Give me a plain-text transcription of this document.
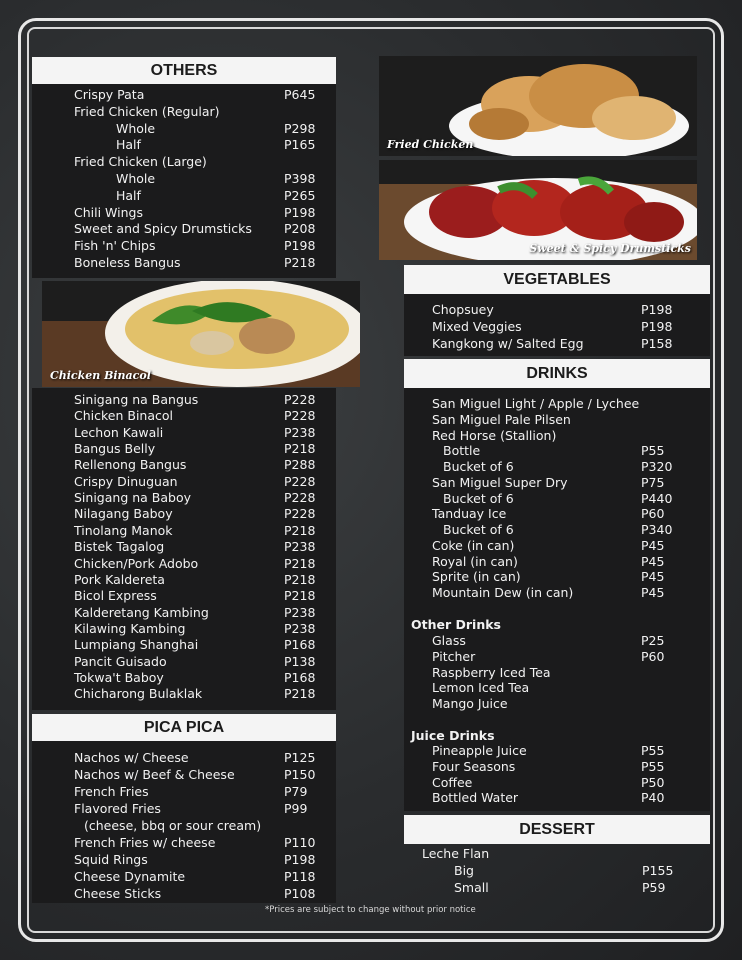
OTHERS
Crispy Pata	P645
Fried Chicken (Regular)
Whole	P298
Half	P165
Fried Chicken (Large)
Whole	P398
Half	P265
Chili Wings	P198
Sweet and Spicy Drumsticks	P208
Fish 'n' Chips	P198
Boneless Bangus	P218
Chicken Binacol
Sinigang na Bangus	P228
Chicken Binacol	P228
Lechon Kawali	P238
Bangus Belly	P218
Rellenong Bangus	P288
Crispy Dinuguan	P228
Sinigang na Baboy	P228
Nilagang Baboy	P228
Tinolang Manok	P218
Bistek Tagalog	P238
Chicken/Pork Adobo	P218
Pork Kaldereta	P218
Bicol Express	P218
Kalderetang Kambing	P238
Kilawing Kambing	P238
Lumpiang Shanghai	P168
Pancit Guisado	P138
Tokwa't Baboy	P168
Chicharong Bulaklak	P218
PICA PICA
Nachos w/ Cheese	P125
Nachos w/ Beef & Cheese	P150
French Fries	P79
Flavored Fries	P99
(cheese, bbq or sour cream)
French Fries w/ cheese	P110
Squid Rings	P198
Cheese Dynamite	P118
Cheese Sticks	P108
Fried Chicken
Sweet & Spicy Drumsticks
VEGETABLES
Chopsuey	P198
Mixed Veggies	P198
Kangkong w/ Salted Egg	P158
DRINKS
San Miguel Light / Apple / Lychee
San Miguel Pale Pilsen
Red Horse (Stallion)
Bottle	P55
Bucket of 6	P320
San Miguel Super Dry	P75
Bucket of 6	P440
Tanduay Ice	P60
Bucket of 6	P340
Coke (in can)	P45
Royal (in can)	P45
Sprite (in can)	P45
Mountain Dew (in can)	P45
Other Drinks
Glass	P25
Pitcher	P60
Raspberry Iced Tea
Lemon Iced Tea
Mango Juice
Juice Drinks
Pineapple Juice	P55
Four Seasons	P55
Coffee	P50
Bottled Water	P40
DESSERT
Leche Flan
Big	P155
Small	P59
*Prices are subject to change without prior notice
